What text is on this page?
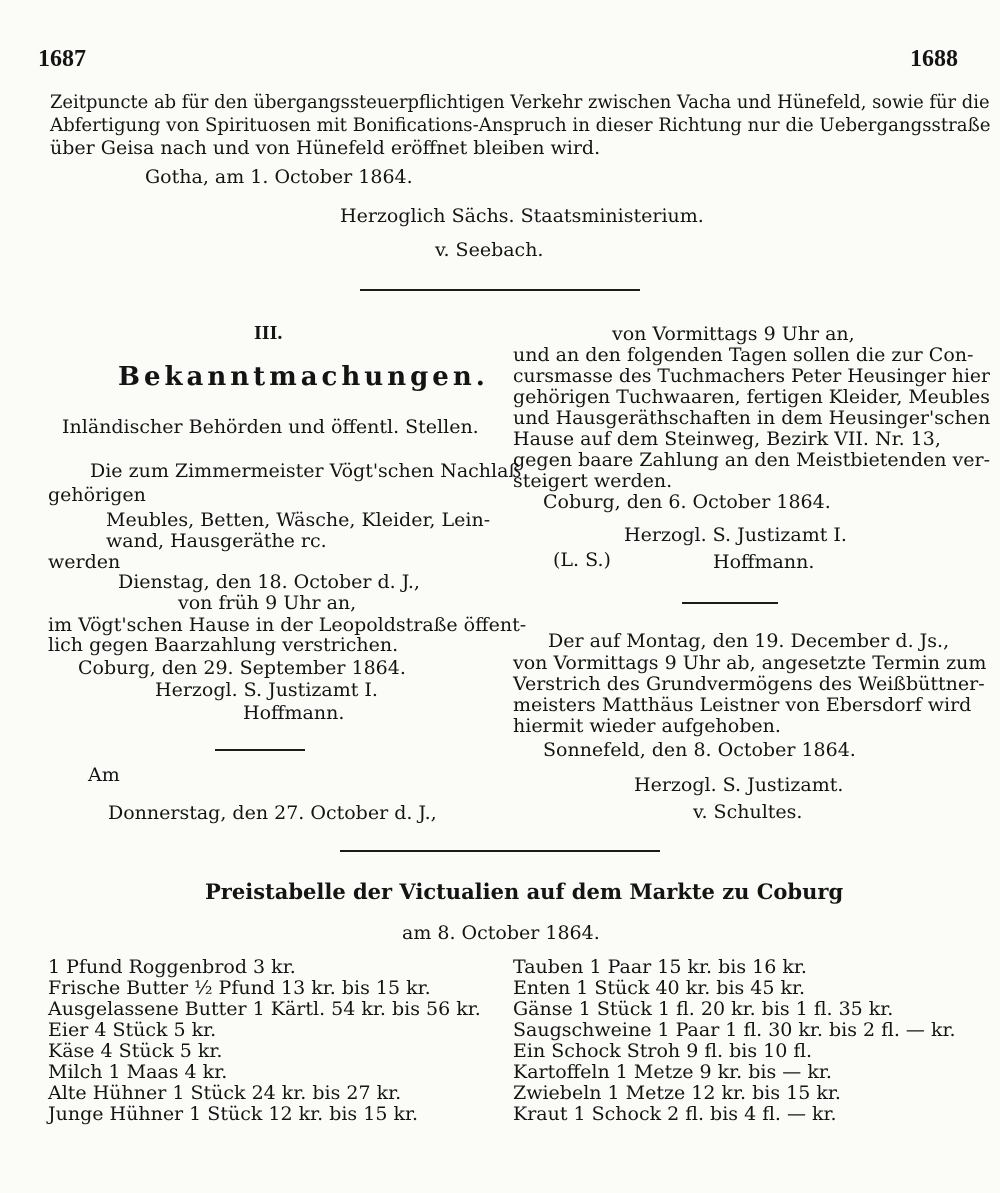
1687	1688
Zeitpuncte ab für den übergangssteuerpflichtigen Verkehr zwischen Vacha und Hünefeld, sowie für die
Abfertigung von Spirituosen mit Bonifications-Anspruch in dieser Richtung nur die Uebergangsstraße
über Geisa nach und von Hünefeld eröffnet bleiben wird.
Gotha, am 1. October 1864.
Herzoglich Sächs. Staatsministerium.
v. Seebach.
III.
Bekanntmachungen.
Inländischer Behörden und öffentl. Stellen.
Die zum Zimmermeister Vögt'schen Nachlaß
gehörigen
Meubles, Betten, Wäsche, Kleider, Lein-
wand, Hausgeräthe rc.
werden
Dienstag, den 18. October d. J.,
von früh 9 Uhr an,
im Vögt'schen Hause in der Leopoldstraße öffent-
lich gegen Baarzahlung verstrichen.
Coburg, den 29. September 1864.
Herzogl. S. Justizamt I.
Hoffmann.
Am
Donnerstag, den 27. October d. J.,
von Vormittags 9 Uhr an,
und an den folgenden Tagen sollen die zur Con-
cursmasse des Tuchmachers Peter Heusinger hier
gehörigen Tuchwaaren, fertigen Kleider, Meubles
und Hausgeräthschaften in dem Heusinger'schen
Hause auf dem Steinweg, Bezirk VII. Nr. 13,
gegen baare Zahlung an den Meistbietenden ver-
steigert werden.
Coburg, den 6. October 1864.
Herzogl. S. Justizamt I.
(L. S.)	Hoffmann.
Der auf Montag, den 19. December d. Js.,
von Vormittags 9 Uhr ab, angesetzte Termin zum
Verstrich des Grundvermögens des Weißbüttner-
meisters Matthäus Leistner von Ebersdorf wird
hiermit wieder aufgehoben.
Sonnefeld, den 8. October 1864.
Herzogl. S. Justizamt.
v. Schultes.
Preistabelle der Victualien auf dem Markte zu Coburg
am 8. October 1864.
1 Pfund Roggenbrod 3 kr.
Frische Butter ½ Pfund 13 kr. bis 15 kr.
Ausgelassene Butter 1 Kärtl. 54 kr. bis 56 kr.
Eier 4 Stück 5 kr.
Käse 4 Stück 5 kr.
Milch 1 Maas 4 kr.
Alte Hühner 1 Stück 24 kr. bis 27 kr.
Junge Hühner 1 Stück 12 kr. bis 15 kr.
Tauben 1 Paar 15 kr. bis 16 kr.
Enten 1 Stück 40 kr. bis 45 kr.
Gänse 1 Stück 1 fl. 20 kr. bis 1 fl. 35 kr.
Saugschweine 1 Paar 1 fl. 30 kr. bis 2 fl. — kr.
Ein Schock Stroh 9 fl. bis 10 fl.
Kartoffeln 1 Metze 9 kr. bis — kr.
Zwiebeln 1 Metze 12 kr. bis 15 kr.
Kraut 1 Schock 2 fl. bis 4 fl. — kr.
